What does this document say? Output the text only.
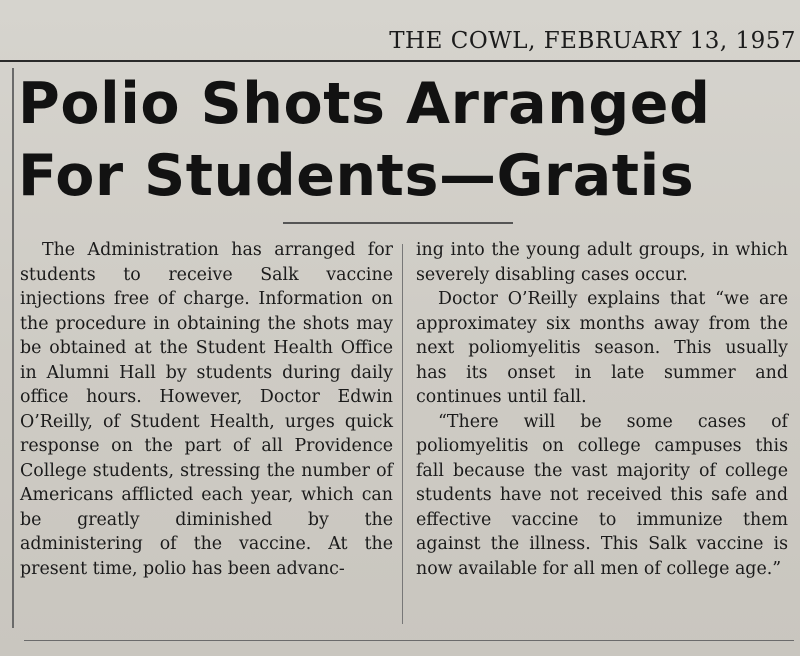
THE COWL, FEBRUARY 13, 1957
Polio Shots Arranged
For Students—Gratis

The Administration has arranged for students to receive Salk vaccine injections free of charge. Information on the procedure in obtaining the shots may be obtained at the Student Health Office in Alumni Hall by students during daily office hours. However, Doctor Edwin O’Reilly, of Student Health, urges quick response on the part of all Providence College students, stressing the number of Americans afflicted each year, which can be greatly diminished by the administering of the vaccine. At the present time, polio has been advanc-

ing into the young adult groups, in which severely disabling cases occur.

Doctor O’Reilly explains that “we are approximatey six months away from the next poliomyelitis season. This usually has its onset in late summer and continues until fall.

“There will be some cases of poliomyelitis on college campuses this fall because the vast majority of college students have not received this safe and effective vaccine to immunize them against the illness. This Salk vaccine is now available for all men of college age.”
